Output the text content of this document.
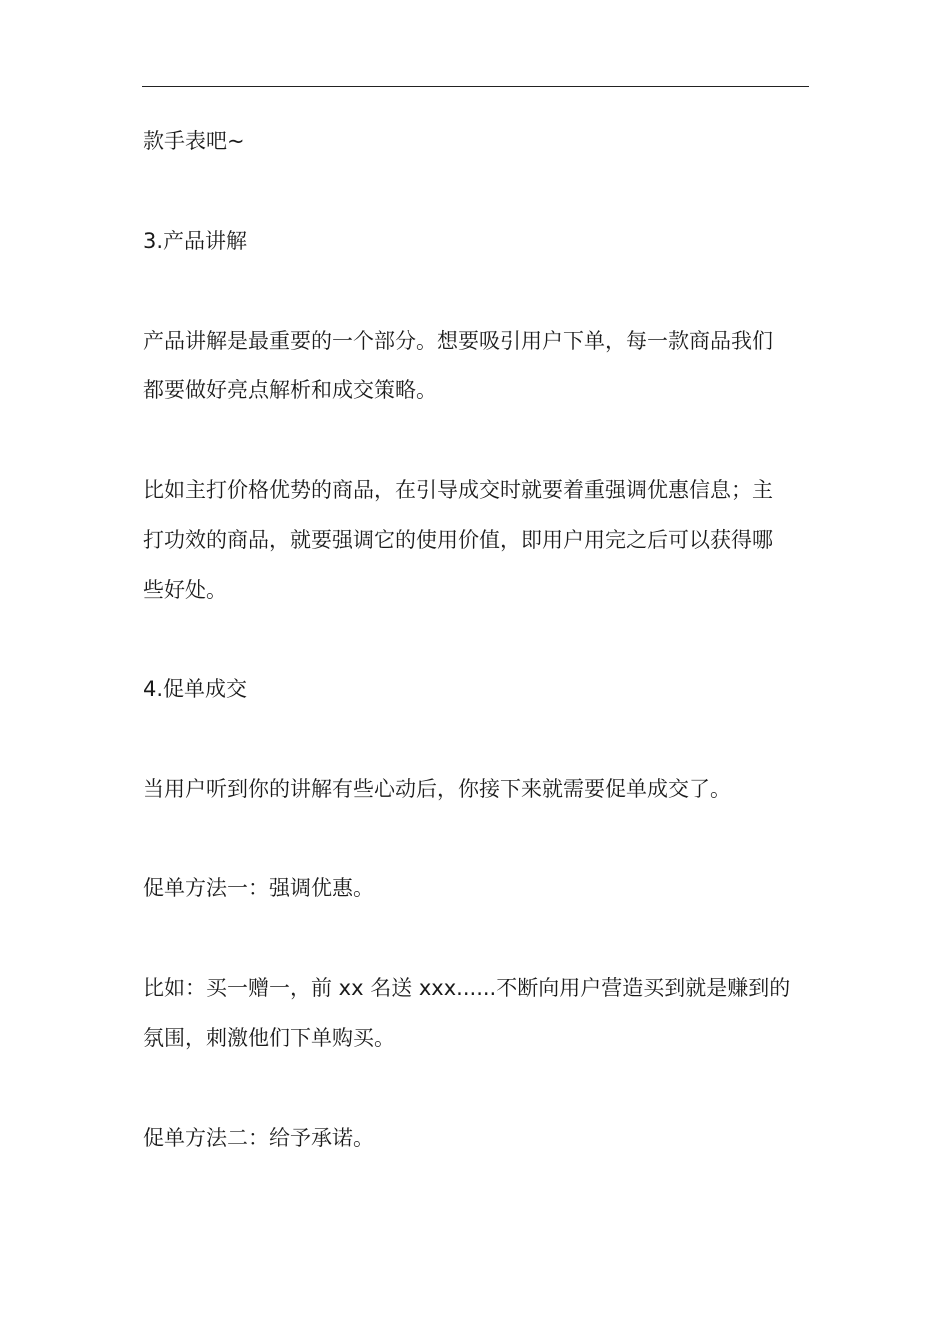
款手表吧~
3.产品讲解
产品讲解是最重要的一个部分。想要吸引用户下单，每一款商品我们
都要做好亮点解析和成交策略。
比如主打价格优势的商品，在引导成交时就要着重强调优惠信息；主
打功效的商品，就要强调它的使用价值，即用户用完之后可以获得哪
些好处。
4.促单成交
当用户听到你的讲解有些心动后，你接下来就需要促单成交了。
促单方法一：强调优惠。
比如：买一赠一，前 xx 名送 xxx......不断向用户营造买到就是赚到的
氛围，刺激他们下单购买。
促单方法二：给予承诺。
